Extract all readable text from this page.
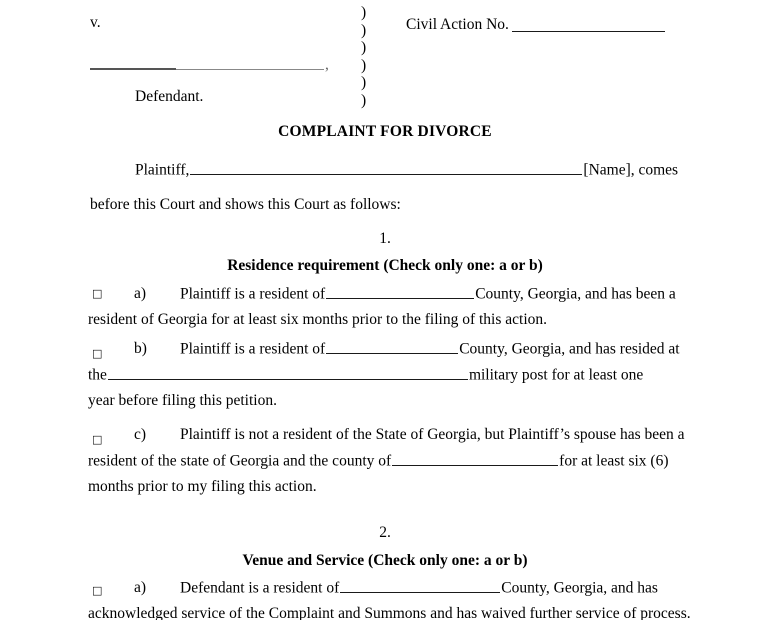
v.
,
Defendant.
)
)
)
)
)
)
Civil Action No.
COMPLAINT FOR DIVORCE
Plaintiff,	[Name], comes
before this Court and shows this Court as follows:
1.
Residence requirement (Check only one: a or b)
□ a) Plaintiff is a resident of	County, Georgia, and has been a
resident of Georgia for at least six months prior to the filing of this action.
□ b) Plaintiff is a resident of	County, Georgia, and has resided at
the	military post for at least one
year before filing this petition.
□ c) Plaintiff is not a resident of the State of Georgia, but Plaintiff’s spouse has been a
resident of the state of Georgia and the county of	for at least six (6)
months prior to my filing this action.
2.
Venue and Service (Check only one: a or b)
□ a) Defendant is a resident of	County, Georgia, and has
acknowledged service of the Complaint and Summons and has waived further service of process.
